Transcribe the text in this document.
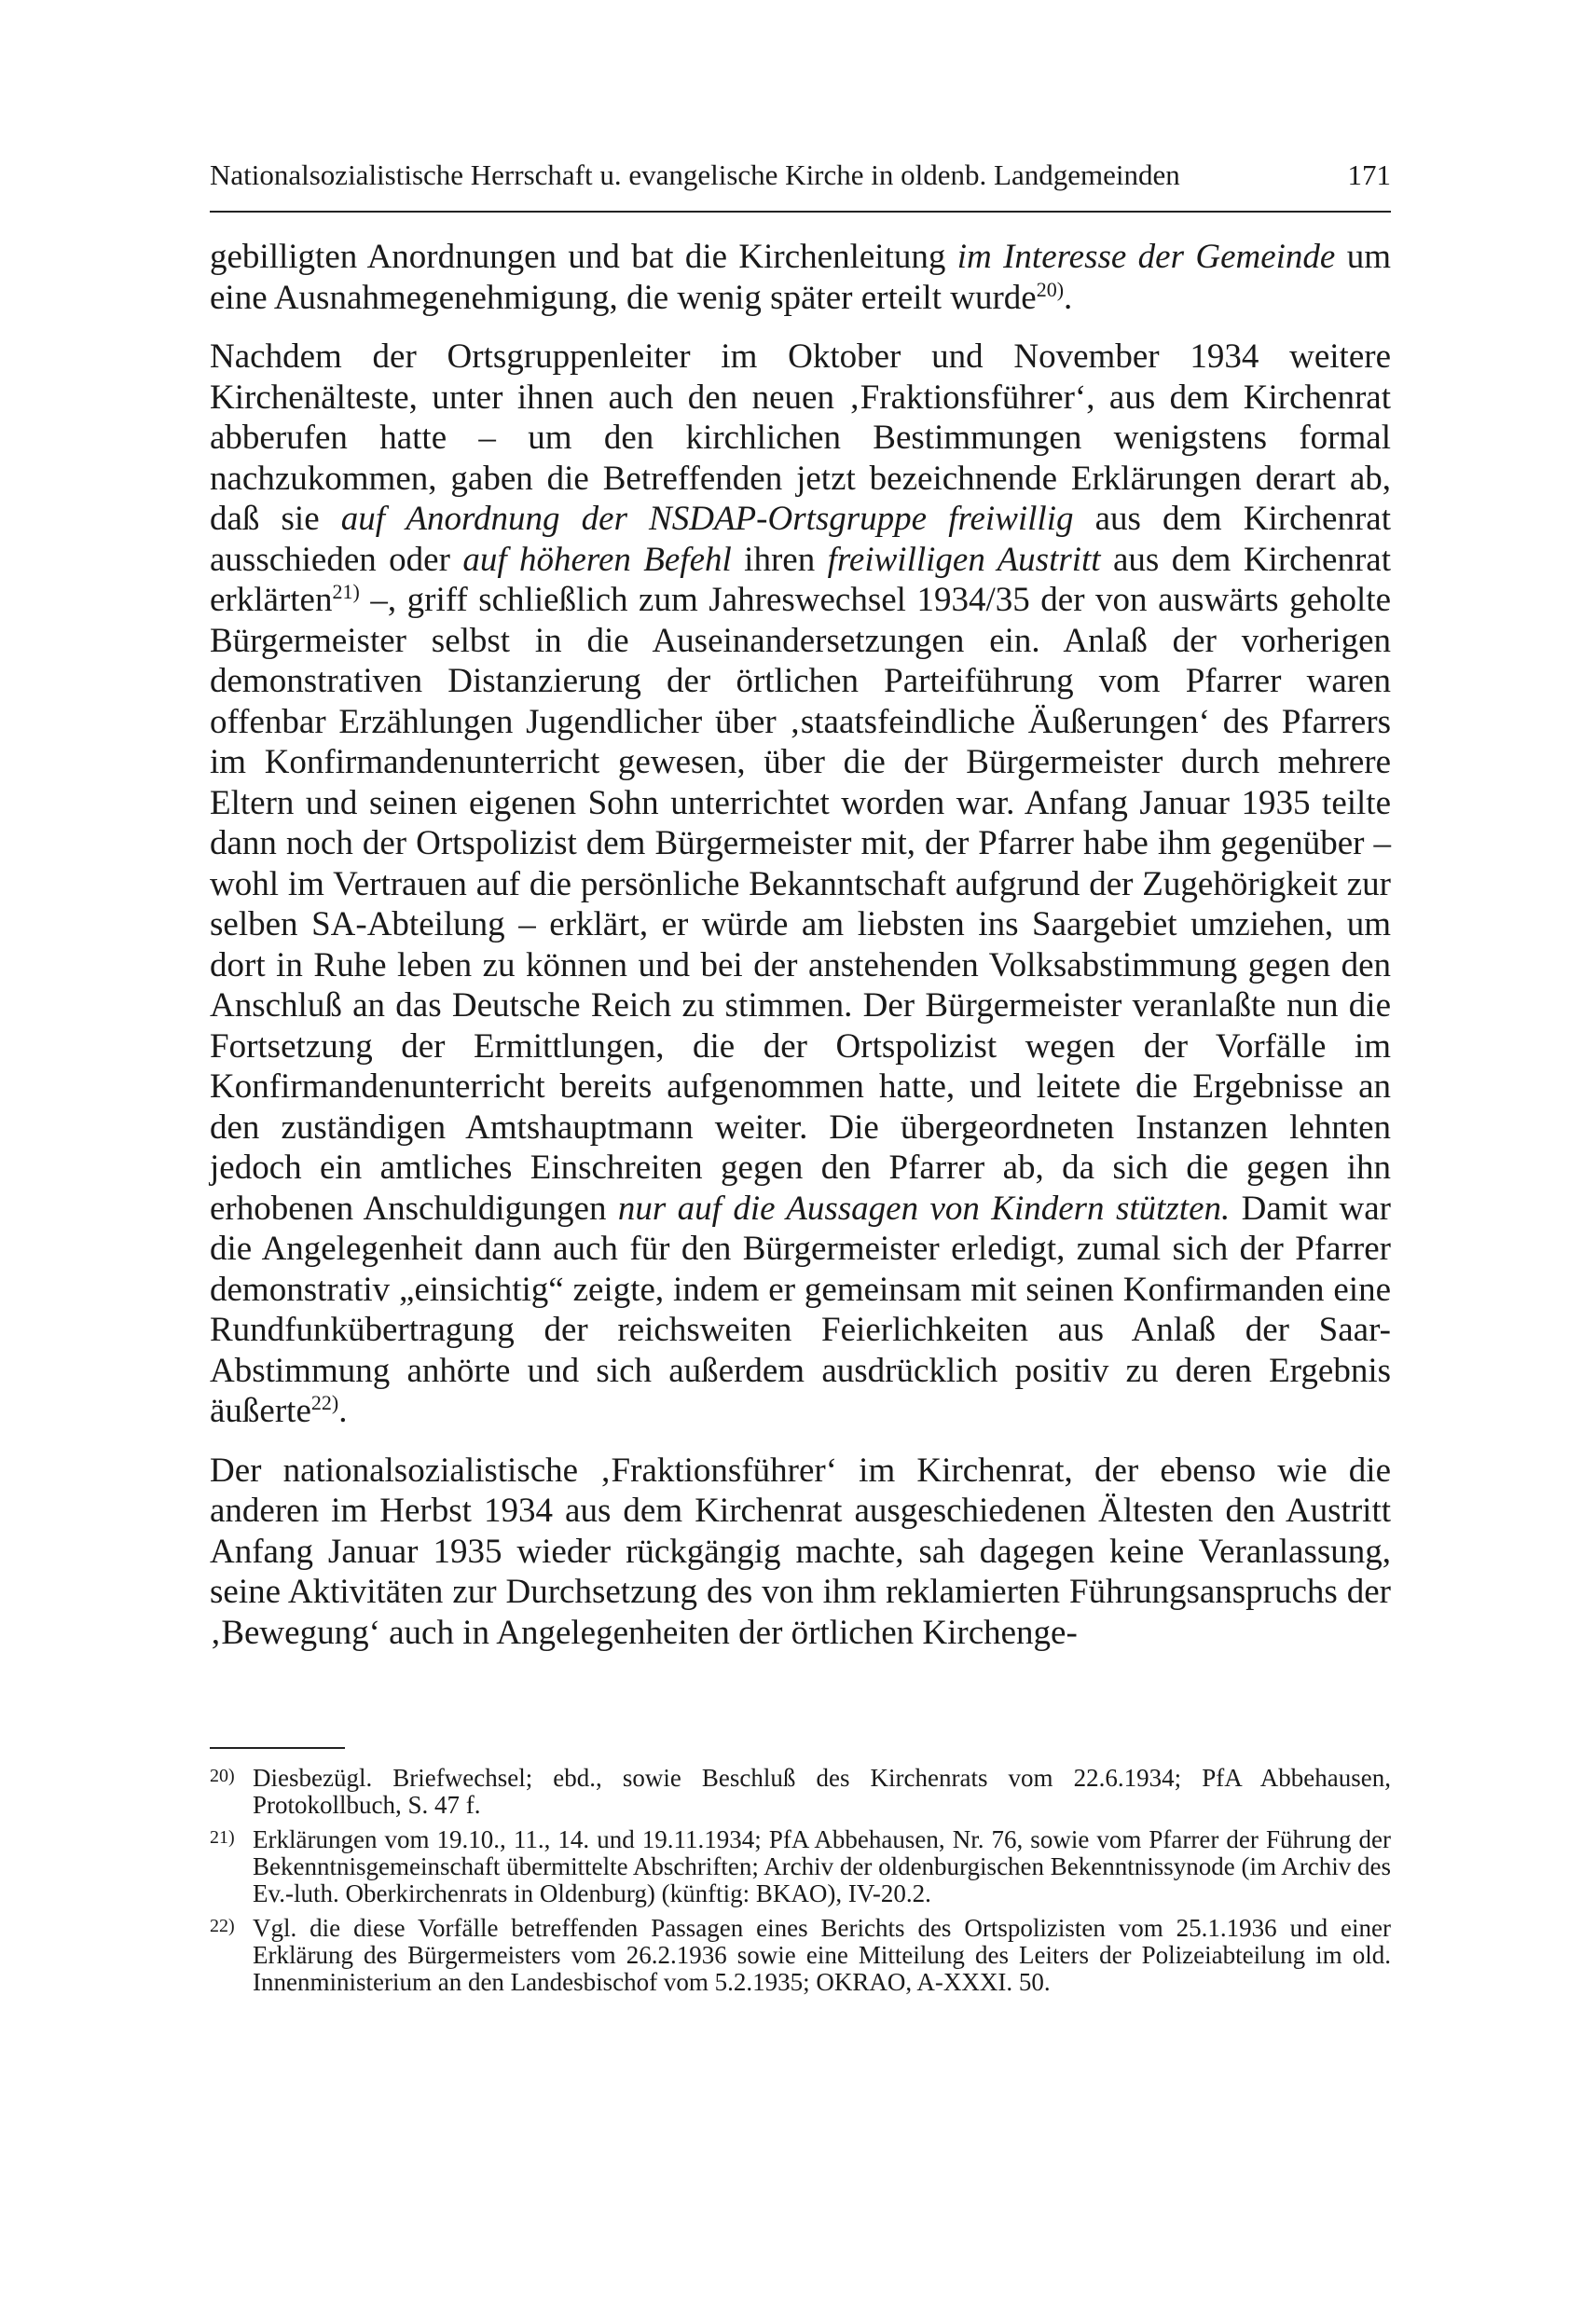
Nationalsozialistische Herrschaft u. evangelische Kirche in oldenb. Landgemeinden	171

gebilligten Anordnungen und bat die Kirchenleitung im Interesse der Gemeinde um eine Ausnahmegenehmigung, die wenig später erteilt wurde$^{20)}$.

Nachdem der Ortsgruppenleiter im Oktober und November 1934 weitere Kirchenälteste, unter ihnen auch den neuen ‚Fraktionsführer‘, aus dem Kirchenrat abberufen hatte – um den kirchlichen Bestimmungen wenigstens formal nachzukommen, gaben die Betreffenden jetzt bezeichnende Erklärungen derart ab, daß sie auf Anordnung der NSDAP-Ortsgruppe freiwillig aus dem Kirchenrat ausschieden oder auf höheren Befehl ihren freiwilligen Austritt aus dem Kirchenrat erklärten$^{21)}$ –, griff schließlich zum Jahreswechsel 1934/35 der von auswärts geholte Bürgermeister selbst in die Auseinandersetzungen ein. Anlaß der vorherigen demonstrativen Distanzierung der örtlichen Parteiführung vom Pfarrer waren offenbar Erzählungen Jugendlicher über ‚staatsfeindliche Äußerungen‘ des Pfarrers im Konfirmandenunterricht gewesen, über die der Bürgermeister durch mehrere Eltern und seinen eigenen Sohn unterrichtet worden war. Anfang Januar 1935 teilte dann noch der Ortspolizist dem Bürgermeister mit, der Pfarrer habe ihm gegenüber – wohl im Vertrauen auf die persönliche Bekanntschaft aufgrund der Zugehörigkeit zur selben SA-Abteilung – erklärt, er würde am liebsten ins Saargebiet umziehen, um dort in Ruhe leben zu können und bei der anstehenden Volksabstimmung gegen den Anschluß an das Deutsche Reich zu stimmen. Der Bürgermeister veranlaßte nun die Fortsetzung der Ermittlungen, die der Ortspolizist wegen der Vorfälle im Konfirmandenunterricht bereits aufgenommen hatte, und leitete die Ergebnisse an den zuständigen Amtshauptmann weiter. Die übergeordneten Instanzen lehnten jedoch ein amtliches Einschreiten gegen den Pfarrer ab, da sich die gegen ihn erhobenen Anschuldigungen nur auf die Aussagen von Kindern stützten. Damit war die Angelegenheit dann auch für den Bürgermeister erledigt, zumal sich der Pfarrer demonstrativ „einsichtig“ zeigte, indem er gemeinsam mit seinen Konfirmanden eine Rundfunkübertragung der reichsweiten Feierlichkeiten aus Anlaß der Saar-Abstimmung anhörte und sich außerdem ausdrücklich positiv zu deren Ergebnis äußerte$^{22)}$.

Der nationalsozialistische ‚Fraktionsführer‘ im Kirchenrat, der ebenso wie die anderen im Herbst 1934 aus dem Kirchenrat ausgeschiedenen Ältesten den Austritt Anfang Januar 1935 wieder rückgängig machte, sah dagegen keine Veranlassung, seine Aktivitäten zur Durchsetzung des von ihm reklamierten Führungsanspruchs der ‚Bewegung‘ auch in Angelegenheiten der örtlichen Kirchenge-

20) Diesbezügl. Briefwechsel; ebd., sowie Beschluß des Kirchenrats vom 22.6.1934; PfA Abbehausen, Protokollbuch, S. 47 f.
21) Erklärungen vom 19.10., 11., 14. und 19.11.1934; PfA Abbehausen, Nr. 76, sowie vom Pfarrer der Führung der Bekenntnisgemeinschaft übermittelte Abschriften; Archiv der oldenburgischen Bekenntnissynode (im Archiv des Ev.-luth. Oberkirchenrats in Oldenburg) (künftig: BKAO), IV-20.2.
22) Vgl. die diese Vorfälle betreffenden Passagen eines Berichts des Ortspolizisten vom 25.1.1936 und einer Erklärung des Bürgermeisters vom 26.2.1936 sowie eine Mitteilung des Leiters der Polizeiabteilung im old. Innenministerium an den Landesbischof vom 5.2.1935; OKRAO, A-XXXI. 50.
